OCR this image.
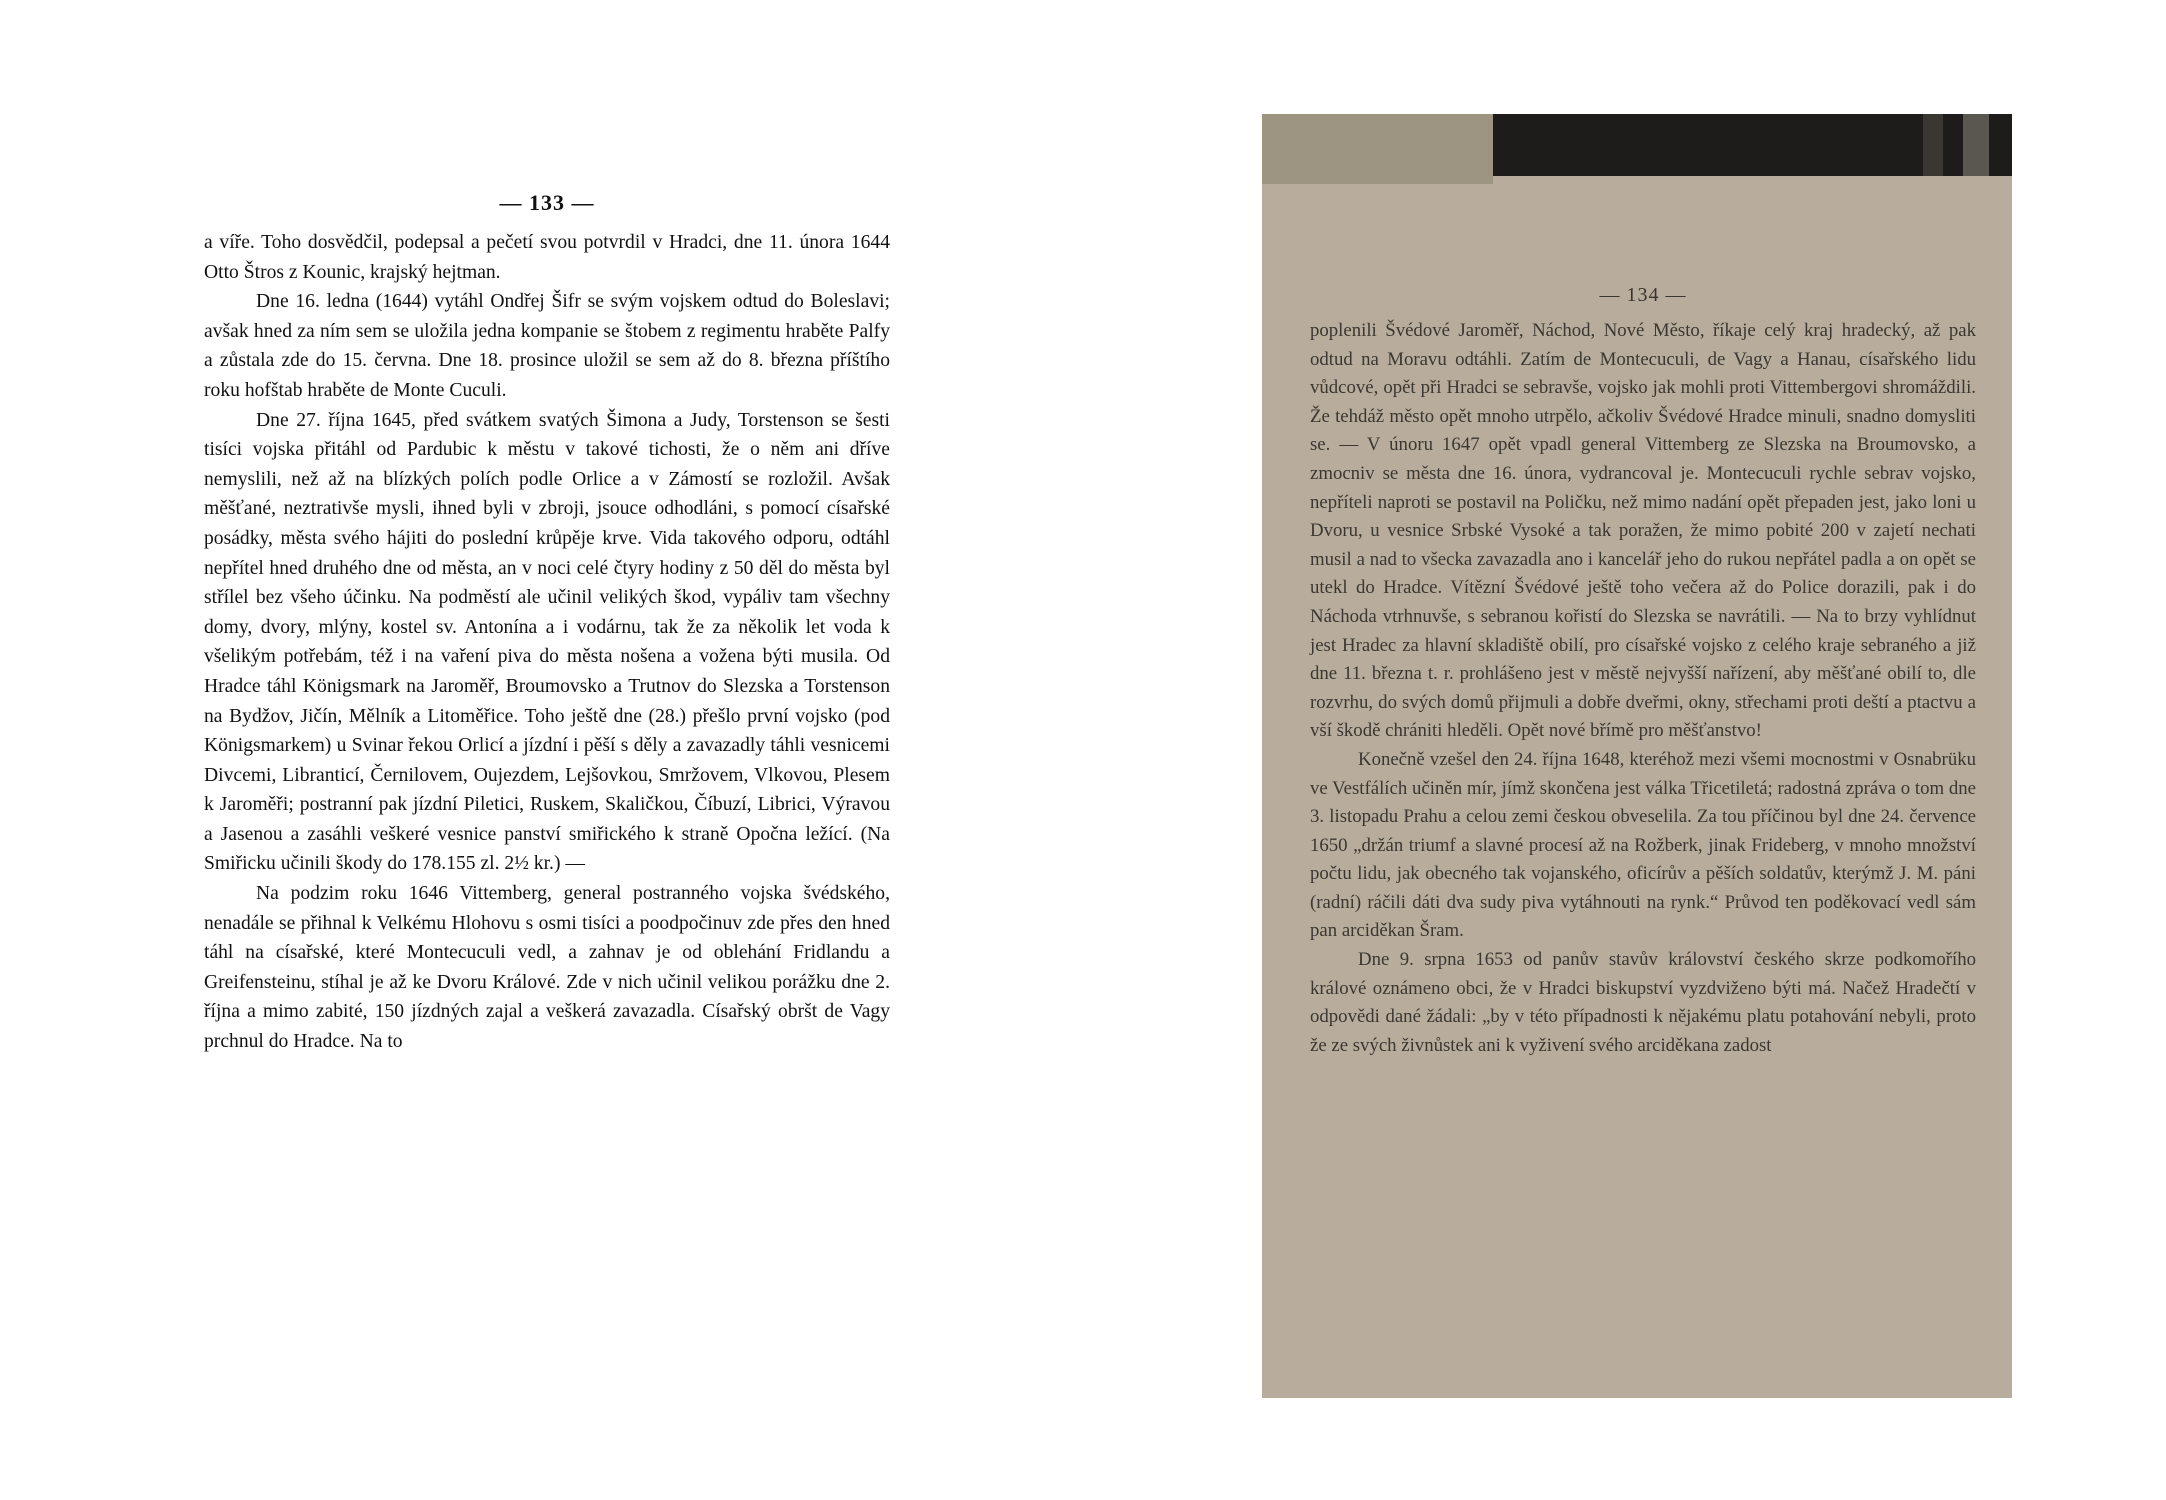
— 133 —

a víře. Toho dosvědčil, podepsal a pečetí svou potvrdil v Hradci, dne 11. února 1644 Otto Štros z Kounic, krajský hejtman.

Dne 16. ledna (1644) vytáhl Ondřej Šifr se svým vojskem odtud do Boleslavi; avšak hned za ním sem se uložila jedna kompanie se štobem z regimentu hraběte Palfy a zůstala zde do 15. června. Dne 18. prosince uložil se sem až do 8. března příštího roku hofštab hraběte de Monte Cuculi.

Dne 27. října 1645, před svátkem svatých Šimona a Judy, Torstenson se šesti tisíci vojska přitáhl od Pardubic k městu v takové tichosti, že o něm ani dříve nemyslili, než až na blízkých polích podle Orlice a v Zámostí se rozložil. Avšak měšťané, neztrativše mysli, ihned byli v zbroji, jsouce odhodláni, s pomocí císařské posádky, města svého hájiti do poslední krůpěje krve. Vida takového odporu, odtáhl nepřítel hned druhého dne od města, an v noci celé čtyry hodiny z 50 děl do města byl střílel bez všeho účinku. Na podměstí ale učinil velikých škod, vypáliv tam všechny domy, dvory, mlýny, kostel sv. Antonína a i vodárnu, tak že za několik let voda k všelikým potřebám, též i na vaření piva do města nošena a vožena býti musila. Od Hradce táhl Königsmark na Jaroměř, Broumovsko a Trutnov do Slezska a Torstenson na Bydžov, Jičín, Mělník a Litoměřice. Toho ještě dne (28.) přešlo první vojsko (pod Königsmarkem) u Svinar řekou Orlicí a jízdní i pěší s děly a zavazadly táhli vesnicemi Divcemi, Libranticí, Černilovem, Oujezdem, Lejšovkou, Smržovem, Vlkovou, Plesem k Jaroměři; postranní pak jízdní Piletici, Ruskem, Skaličkou, Číbuzí, Librici, Výravou a Jasenou a zasáhli veškeré vesnice panství smiřického k straně Opočna ležící. (Na Smiřicku učinili škody do 178.155 zl. 2½ kr.) —

Na podzim roku 1646 Vittemberg, general postranného vojska švédského, nenadále se přihnal k Velkému Hlohovu s osmi tisíci a poodpočinuv zde přes den hned táhl na císařské, které Montecuculi vedl, a zahnav je od oblehání Fridlandu a Greifensteinu, stíhal je až ke Dvoru Králové. Zde v nich učinil velikou porážku dne 2. října a mimo zabité, 150 jízdných zajal a veškerá zavazadla. Císařský obršt de Vagy prchnul do Hradce. Na to

— 134 —

poplenili Švédové Jaroměř, Náchod, Nové Město, říkaje celý kraj hradecký, až pak odtud na Moravu odtáhli. Zatím de Montecuculi, de Vagy a Hanau, císařského lidu vůdcové, opět při Hradci se sebravše, vojsko jak mohli proti Vittembergovi shromáždili. Že tehdáž město opět mnoho utrpělo, ačkoliv Švédové Hradce minuli, snadno domysliti se. — V únoru 1647 opět vpadl general Vittemberg ze Slezska na Broumovsko, a zmocniv se města dne 16. února, vydrancoval je. Montecuculi rychle sebrav vojsko, nepříteli naproti se postavil na Poličku, než mimo nadání opět přepaden jest, jako loni u Dvoru, u vesnice Srbské Vysoké a tak poražen, že mimo pobité 200 v zajetí nechati musil a nad to všecka zavazadla ano i kancelář jeho do rukou nepřátel padla a on opět se utekl do Hradce. Vítězní Švédové ještě toho večera až do Police dorazili, pak i do Náchoda vtrhnuvše, s sebranou kořistí do Slezska se navrátili. — Na to brzy vyhlídnut jest Hradec za hlavní skladiště obilí, pro císařské vojsko z celého kraje sebraného a již dne 11. března t. r. prohlášeno jest v městě nejvyšší nařízení, aby měšťané obilí to, dle rozvrhu, do svých domů přijmuli a dobře dveřmi, okny, střechami proti deští a ptactvu a vší škodě chrániti hleděli. Opět nové břímě pro měšťanstvo!

Konečně vzešel den 24. října 1648, kteréhož mezi všemi mocnostmi v Osnabrüku ve Vestfálích učiněn mír, jímž skončena jest válka Třicetiletá; radostná zpráva o tom dne 3. listopadu Prahu a celou zemi českou obveselila. Za tou příčinou byl dne 24. července 1650 „držán triumf a slavné procesí až na Rožberk, jinak Frideberg, v mnoho množství počtu lidu, jak obecného tak vojanského, oficírův a pěších soldatův, kterýmž J. M. páni (radní) ráčili dáti dva sudy piva vytáhnouti na rynk.“ Průvod ten poděkovací vedl sám pan arciděkan Šram.

Dne 9. srpna 1653 od panův stavův království českého skrze podkomořího králové oznámeno obci, že v Hradci biskupství vyzdviženo býti má. Načež Hradečtí v odpovědi dané žádali: „by v této případnosti k nějakému platu potahování nebyli, proto že ze svých živnůstek ani k vyživení svého arciděkana zadost
